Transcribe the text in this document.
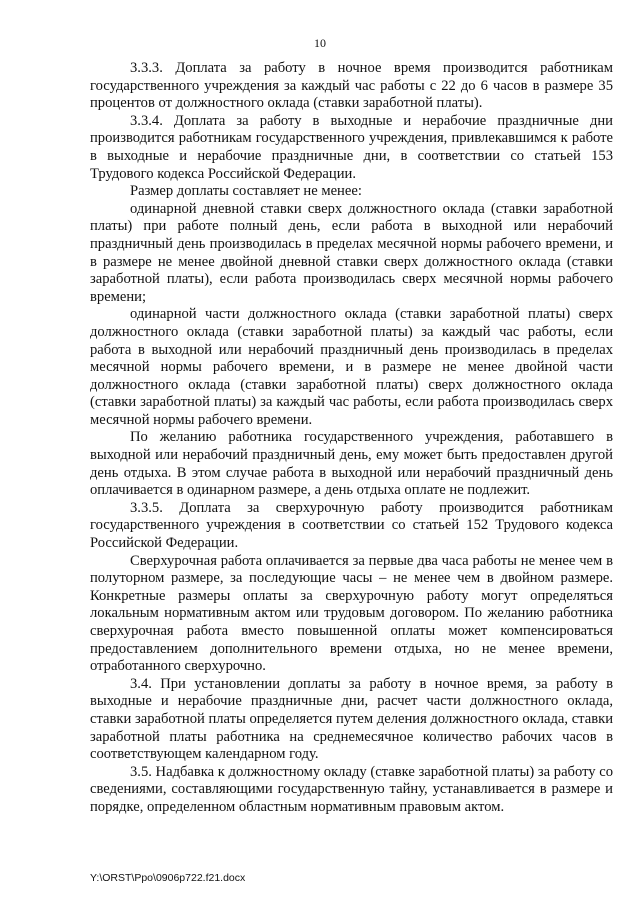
10

3.3.3. Доплата за работу в ночное время производится работникам государственного учреждения за каждый час работы с 22 до 6 часов в размере 35 процентов от должностного оклада (ставки заработной платы).

3.3.4. Доплата за работу в выходные и нерабочие праздничные дни производится работникам государственного учреждения, привлекавшимся к работе в выходные и нерабочие праздничные дни, в соответствии со статьей 153 Трудового кодекса Российской Федерации.

Размер доплаты составляет не менее:

одинарной дневной ставки сверх должностного оклада (ставки заработной платы) при работе полный день, если работа в выходной или нерабочий праздничный день производилась в пределах месячной нормы рабочего времени, и в размере не менее двойной дневной ставки сверх должностного оклада (ставки заработной платы), если работа производилась сверх месячной нормы рабочего времени;

одинарной части должностного оклада (ставки заработной платы) сверх должностного оклада (ставки заработной платы) за каждый час работы, если работа в выходной или нерабочий праздничный день производилась в пределах месячной нормы рабочего времени, и в размере не менее двойной части должностного оклада (ставки заработной платы) сверх должностного оклада (ставки заработной платы) за каждый час работы, если работа производилась сверх месячной нормы рабочего времени.

По желанию работника государственного учреждения, работавшего в выходной или нерабочий праздничный день, ему может быть предоставлен другой день отдыха. В этом случае работа в выходной или нерабочий праздничный день оплачивается в одинарном размере, а день отдыха оплате не подлежит.

3.3.5. Доплата за сверхурочную работу производится работникам государственного учреждения в соответствии со статьей 152 Трудового кодекса Российской Федерации.

Сверхурочная работа оплачивается за первые два часа работы не менее чем в полуторном размере, за последующие часы – не менее чем в двойном размере. Конкретные размеры оплаты за сверхурочную работу могут определяться локальным нормативным актом или трудовым договором. По желанию работника сверхурочная работа вместо повышенной оплаты может компенсироваться предоставлением дополнительного времени отдыха, но не менее времени, отработанного сверхурочно.

3.4. При установлении доплаты за работу в ночное время, за работу в выходные и нерабочие праздничные дни, расчет части должностного оклада, ставки заработной платы определяется путем деления должностного оклада, ставки заработной платы работника на среднемесячное количество рабочих часов в соответствующем календарном году.

3.5. Надбавка к должностному окладу (ставке заработной платы) за работу со сведениями, составляющими государственную тайну, устанавливается в размере и порядке, определенном областным нормативным правовым актом.

Y:\ORST\Ppo\0906p722.f21.docx
